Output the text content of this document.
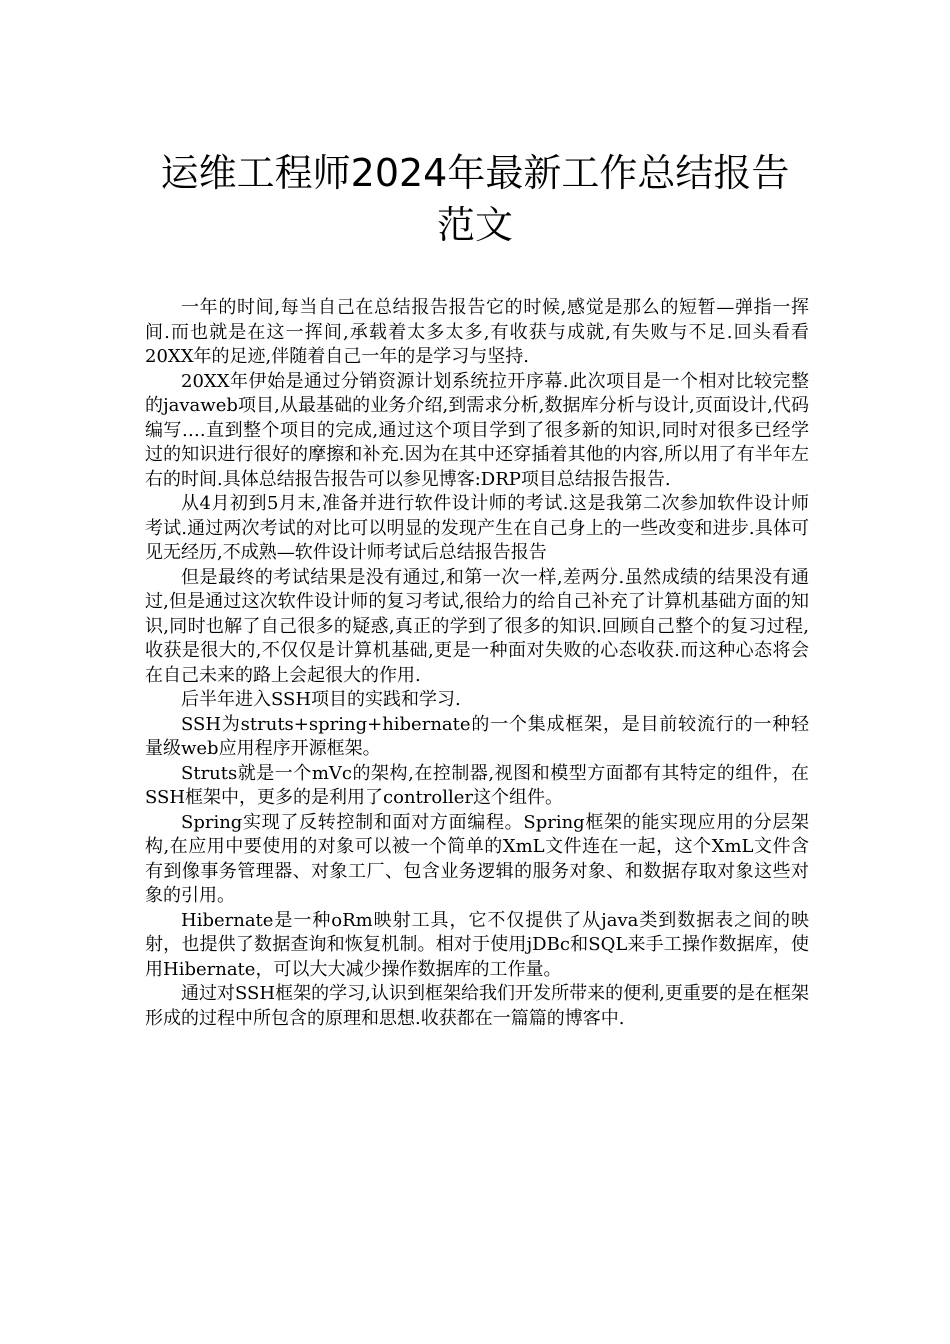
运维工程师2024年最新工作总结报告
范文

一年的时间,每当自己在总结报告报告它的时候,感觉是那么的短暂—弹指一挥间.而也就是在这一挥间,承载着太多太多,有收获与成就,有失败与不足.回头看看20XX年的足迹,伴随着自己一年的是学习与坚持.

20XX年伊始是通过分销资源计划系统拉开序幕.此次项目是一个相对比较完整的javaweb项目,从最基础的业务介绍,到需求分析,数据库分析与设计,页面设计,代码编写….直到整个项目的完成,通过这个项目学到了很多新的知识,同时对很多已经学过的知识进行很好的摩擦和补充.因为在其中还穿插着其他的内容,所以用了有半年左右的时间.具体总结报告报告可以参见博客:DRP项目总结报告报告.

从4月初到5月末,准备并进行软件设计师的考试.这是我第二次参加软件设计师考试.通过两次考试的对比可以明显的发现产生在自己身上的一些改变和进步.具体可见无经历,不成熟—软件设计师考试后总结报告报告

但是最终的考试结果是没有通过,和第一次一样,差两分.虽然成绩的结果没有通过,但是通过这次软件设计师的复习考试,很给力的给自己补充了计算机基础方面的知识,同时也解了自己很多的疑惑,真正的学到了很多的知识.回顾自己整个的复习过程,收获是很大的,不仅仅是计算机基础,更是一种面对失败的心态收获.而这种心态将会在自己未来的路上会起很大的作用.

后半年进入SSH项目的实践和学习.

SSH为struts+spring+hibernate的一个集成框架，是目前较流行的一种轻量级web应用程序开源框架。

Struts就是一个mVc的架构,在控制器,视图和模型方面都有其特定的组件，在SSH框架中，更多的是利用了controller这个组件。

Spring实现了反转控制和面对方面编程。Spring框架的能实现应用的分层架构,在应用中要使用的对象可以被一个简单的XmL文件连在一起，这个XmL文件含有到像事务管理器、对象工厂、包含业务逻辑的服务对象、和数据存取对象这些对象的引用。

Hibernate是一种oRm映射工具，它不仅提供了从java类到数据表之间的映射，也提供了数据查询和恢复机制。相对于使用jDBc和SQL来手工操作数据库，使用Hibernate，可以大大减少操作数据库的工作量。

通过对SSH框架的学习,认识到框架给我们开发所带来的便利,更重要的是在框架形成的过程中所包含的原理和思想.收获都在一篇篇的博客中.
